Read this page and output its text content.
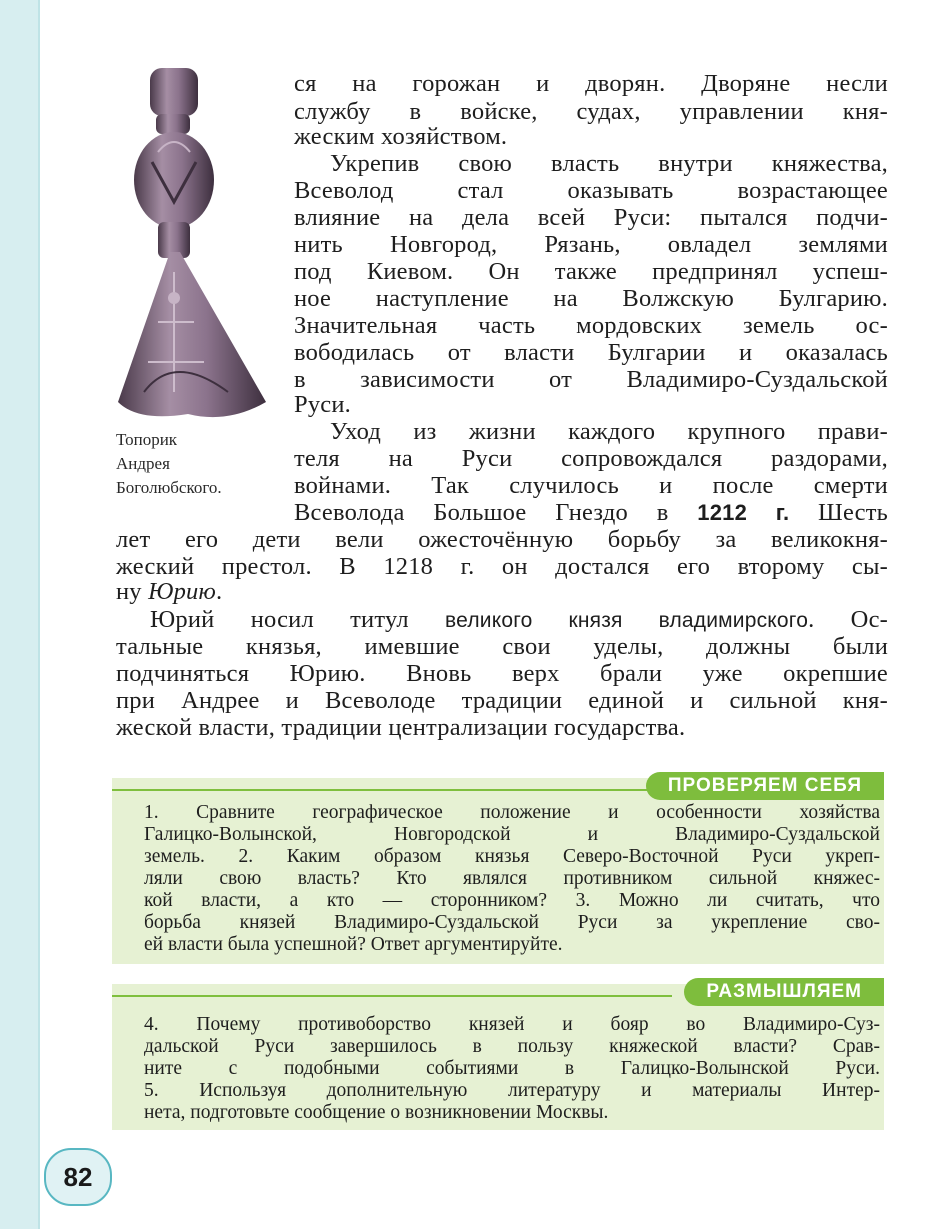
Топорик
Андрея
Боголюбского.
ся на горожан и дворян. Дворяне несли
службу в войске, судах, управлении кня-
жеским хозяйством.
Укрепив свою власть внутри княжества,
Всеволод стал оказывать возрастающее
влияние на дела всей Руси: пытался подчи-
нить Новгород, Рязань, овладел землями
под Киевом. Он также предпринял успеш-
ное наступление на Волжскую Булгарию.
Значительная часть мордовских земель ос-
вободилась от власти Булгарии и оказалась
в зависимости от Владимиро-Суздальской
Руси.
Уход из жизни каждого крупного прави-
теля на Руси сопровождался раздорами,
войнами. Так случилось и после смерти
Всеволода Большое Гнездо в 1212 г. Шесть
лет его дети вели ожесточённую борьбу за великокня-
жеский престол. В 1218 г. он достался его второму сы-
ну Юрию.
Юрий носил титул великого князя владимирского. Ос-
тальные князья, имевшие свои уделы, должны были
подчиняться Юрию. Вновь верх брали уже окрепшие
при Андрее и Всеволоде традиции единой и сильной кня-
жеской власти, традиции централизации государства.
ПРОВЕРЯЕМ СЕБЯ
1. Сравните географическое положение и особенности хозяйства
Галицко-Волынской, Новгородской и Владимиро-Суздальской
земель. 2. Каким образом князья Северо-Восточной Руси укреп-
ляли свою власть? Кто являлся противником сильной княжес-
кой власти, а кто — сторонником? 3. Можно ли считать, что
борьба князей Владимиро-Суздальской Руси за укрепление сво-
ей власти была успешной? Ответ аргументируйте.
РАЗМЫШЛЯЕМ
4. Почему противоборство князей и бояр во Владимиро-Суз-
дальской Руси завершилось в пользу княжеской власти? Срав-
ните с подобными событиями в Галицко-Волынской Руси.
5. Используя дополнительную литературу и материалы Интер-
нета, подготовьте сообщение о возникновении Москвы.
82
